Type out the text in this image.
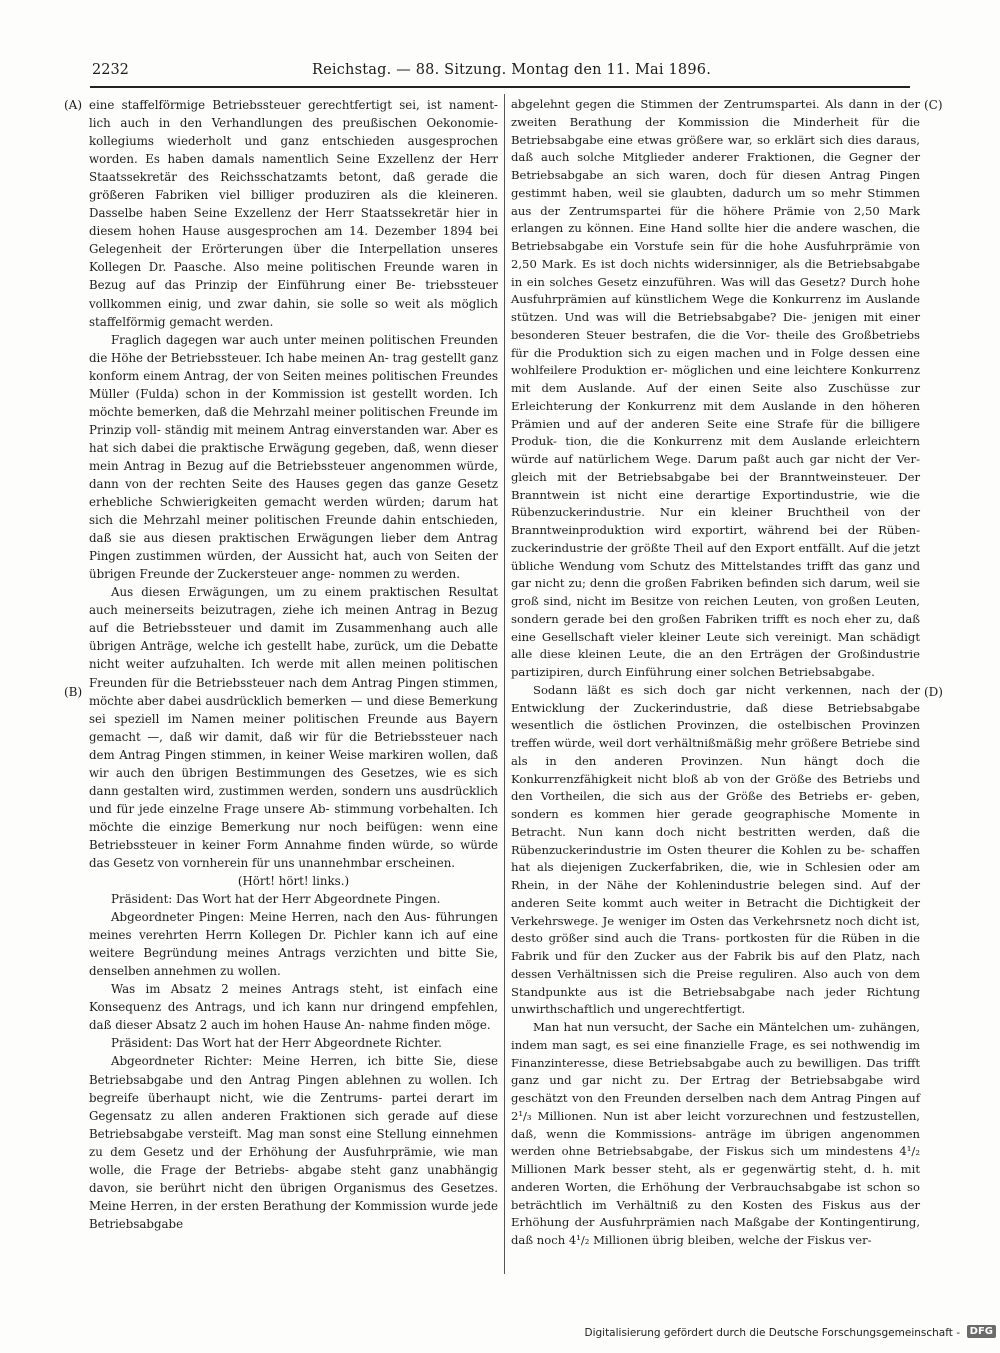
2232	Reichstag. — 88. Sitzung. Montag den 11. Mai 1896.
(A)
(B)
(C)
(D)

eine staffelförmige Betriebssteuer gerechtfertigt sei, ist nament- lich auch in den Verhandlungen des preußischen Oekonomie- kollegiums wiederholt und ganz entschieden ausgesprochen worden. Es haben damals namentlich Seine Exzellenz der Herr Staatssekretär des Reichsschatzamts betont, daß gerade die größeren Fabriken viel billiger produziren als die kleineren. Dasselbe haben Seine Exzellenz der Herr Staatssekretär hier in diesem hohen Hause ausgesprochen am 14. Dezember 1894 bei Gelegenheit der Erörterungen über die Interpellation unseres Kollegen Dr. Paasche. Also meine politischen Freunde waren in Bezug auf das Prinzip der Einführung einer Be- triebssteuer vollkommen einig, und zwar dahin, sie solle so weit als möglich staffelförmig gemacht werden.

Fraglich dagegen war auch unter meinen politischen Freunden die Höhe der Betriebssteuer. Ich habe meinen An- trag gestellt ganz konform einem Antrag, der von Seiten meines politischen Freundes Müller (Fulda) schon in der Kommission ist gestellt worden. Ich möchte bemerken, daß die Mehrzahl meiner politischen Freunde im Prinzip voll- ständig mit meinem Antrag einverstanden war. Aber es hat sich dabei die praktische Erwägung gegeben, daß, wenn dieser mein Antrag in Bezug auf die Betriebssteuer angenommen würde, dann von der rechten Seite des Hauses gegen das ganze Gesetz erhebliche Schwierigkeiten gemacht werden würden; darum hat sich die Mehrzahl meiner politischen Freunde dahin entschieden, daß sie aus diesen praktischen Erwägungen lieber dem Antrag Pingen zustimmen würden, der Aussicht hat, auch von Seiten der übrigen Freunde der Zuckersteuer ange- nommen zu werden.

Aus diesen Erwägungen, um zu einem praktischen Resultat auch meinerseits beizutragen, ziehe ich meinen Antrag in Bezug auf die Betriebssteuer und damit im Zusammenhang auch alle übrigen Anträge, welche ich gestellt habe, zurück, um die Debatte nicht weiter aufzuhalten. Ich werde mit allen meinen politischen Freunden für die Betriebssteuer nach dem Antrag Pingen stimmen, möchte aber dabei ausdrücklich bemerken — und diese Bemerkung sei speziell im Namen meiner politischen Freunde aus Bayern gemacht —, daß wir damit, daß wir für die Betriebssteuer nach dem Antrag Pingen stimmen, in keiner Weise markiren wollen, daß wir auch den übrigen Bestimmungen des Gesetzes, wie es sich dann gestalten wird, zustimmen werden, sondern uns ausdrücklich und für jede einzelne Frage unsere Ab- stimmung vorbehalten. Ich möchte die einzige Bemerkung nur noch beifügen: wenn eine Betriebssteuer in keiner Form Annahme finden würde, so würde das Gesetz von vornherein für uns unannehmbar erscheinen.

(Hört! hört! links.)

Präsident: Das Wort hat der Herr Abgeordnete Pingen.

Abgeordneter Pingen: Meine Herren, nach den Aus- führungen meines verehrten Herrn Kollegen Dr. Pichler kann ich auf eine weitere Begründung meines Antrags verzichten und bitte Sie, denselben annehmen zu wollen.

Was im Absatz 2 meines Antrags steht, ist einfach eine Konsequenz des Antrags, und ich kann nur dringend empfehlen, daß dieser Absatz 2 auch im hohen Hause An- nahme finden möge.

Präsident: Das Wort hat der Herr Abgeordnete Richter.

Abgeordneter Richter: Meine Herren, ich bitte Sie, diese Betriebsabgabe und den Antrag Pingen ablehnen zu wollen. Ich begreife überhaupt nicht, wie die Zentrums- partei derart im Gegensatz zu allen anderen Fraktionen sich gerade auf diese Betriebsabgabe versteift. Mag man sonst eine Stellung einnehmen zu dem Gesetz und der Erhöhung der Ausfuhrprämie, wie man wolle, die Frage der Betriebs- abgabe steht ganz unabhängig davon, sie berührt nicht den übrigen Organismus des Gesetzes. Meine Herren, in der ersten Berathung der Kommission wurde jede Betriebsabgabe

abgelehnt gegen die Stimmen der Zentrumspartei. Als dann in der zweiten Berathung der Kommission die Minderheit für die Betriebsabgabe eine etwas größere war, so erklärt sich dies daraus, daß auch solche Mitglieder anderer Fraktionen, die Gegner der Betriebsabgabe an sich waren, doch für diesen Antrag Pingen gestimmt haben, weil sie glaubten, dadurch um so mehr Stimmen aus der Zentrumspartei für die höhere Prämie von 2,50 Mark erlangen zu können. Eine Hand sollte hier die andere waschen, die Betriebsabgabe ein Vorstufe sein für die hohe Ausfuhrprämie von 2,50 Mark. Es ist doch nichts widersinniger, als die Betriebsabgabe in ein solches Gesetz einzuführen. Was will das Gesetz? Durch hohe Ausfuhrprämien auf künstlichem Wege die Konkurrenz im Auslande stützen. Und was will die Betriebsabgabe? Die- jenigen mit einer besonderen Steuer bestrafen, die die Vor- theile des Großbetriebs für die Produktion sich zu eigen machen und in Folge dessen eine wohlfeilere Produktion er- möglichen und eine leichtere Konkurrenz mit dem Auslande. Auf der einen Seite also Zuschüsse zur Erleichterung der Konkurrenz mit dem Auslande in den höheren Prämien und auf der anderen Seite eine Strafe für die billigere Produk- tion, die die Konkurrenz mit dem Auslande erleichtern würde auf natürlichem Wege. Darum paßt auch gar nicht der Ver- gleich mit der Betriebsabgabe bei der Branntweinsteuer. Der Branntwein ist nicht eine derartige Exportindustrie, wie die Rübenzuckerindustrie. Nur ein kleiner Bruchtheil von der Branntweinproduktion wird exportirt, während bei der Rüben- zuckerindustrie der größte Theil auf den Export entfällt. Auf die jetzt übliche Wendung vom Schutz des Mittelstandes trifft das ganz und gar nicht zu; denn die großen Fabriken befinden sich darum, weil sie groß sind, nicht im Besitze von reichen Leuten, von großen Leuten, sondern gerade bei den großen Fabriken trifft es noch eher zu, daß eine Gesellschaft vieler kleiner Leute sich vereinigt. Man schädigt alle diese kleinen Leute, die an den Erträgen der Großindustrie partizipiren, durch Einführung einer solchen Betriebsabgabe.

Sodann läßt es sich doch gar nicht verkennen, nach der Entwicklung der Zuckerindustrie, daß diese Betriebsabgabe wesentlich die östlichen Provinzen, die ostelbischen Provinzen treffen würde, weil dort verhältnißmäßig mehr größere Betriebe sind als in den anderen Provinzen. Nun hängt doch die Konkurrenzfähigkeit nicht bloß ab von der Größe des Betriebs und den Vortheilen, die sich aus der Größe des Betriebs er- geben, sondern es kommen hier gerade geographische Momente in Betracht. Nun kann doch nicht bestritten werden, daß die Rübenzuckerindustrie im Osten theurer die Kohlen zu be- schaffen hat als diejenigen Zuckerfabriken, die, wie in Schlesien oder am Rhein, in der Nähe der Kohlenindustrie belegen sind. Auf der anderen Seite kommt auch weiter in Betracht die Dichtigkeit der Verkehrswege. Je weniger im Osten das Verkehrsnetz noch dicht ist, desto größer sind auch die Trans- portkosten für die Rüben in die Fabrik und für den Zucker aus der Fabrik bis auf den Platz, nach dessen Verhältnissen sich die Preise reguliren. Also auch von dem Standpunkte aus ist die Betriebsabgabe nach jeder Richtung unwirthschaftlich und ungerechtfertigt.

Man hat nun versucht, der Sache ein Mäntelchen um- zuhängen, indem man sagt, es sei eine finanzielle Frage, es sei nothwendig im Finanzinteresse, diese Betriebsabgabe auch zu bewilligen. Das trifft ganz und gar nicht zu. Der Ertrag der Betriebsabgabe wird geschätzt von den Freunden derselben nach dem Antrag Pingen auf 2¹/₃ Millionen. Nun ist aber leicht vorzurechnen und festzustellen, daß, wenn die Kommissions- anträge im übrigen angenommen werden ohne Betriebsabgabe, der Fiskus sich um mindestens 4¹/₂ Millionen Mark besser steht, als er gegenwärtig steht, d. h. mit anderen Worten, die Erhöhung der Verbrauchsabgabe ist schon so beträchtlich im Verhältniß zu den Kosten des Fiskus aus der Erhöhung der Ausfuhrprämien nach Maßgabe der Kontingentirung, daß noch 4¹/₂ Millionen übrig bleiben, welche der Fiskus ver-

Digitalisierung gefördert durch die Deutsche Forschungsgemeinschaft - DFG
